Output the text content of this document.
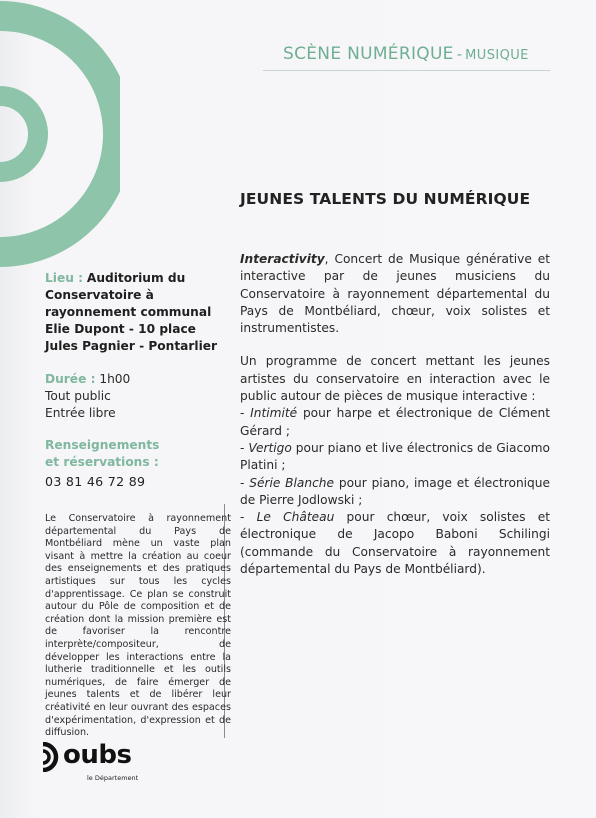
SCÈNE NUMÉRIQUE - MUSIQUE
JEUNES TALENTS DU NUMÉRIQUE

Interactivity, Concert de Musique générative et interactive par de jeunes musiciens du Conservatoire à rayonnement départemental du Pays de Montbéliard, chœur, voix solistes et instrumentistes.

Un programme de concert mettant les jeunes artistes du conservatoire en interaction avec le public autour de pièces de musique interactive :

- Intimité pour harpe et électronique de Clément Gérard ;

- Vertigo pour piano et live électronics de Giacomo Platini ;

- Série Blanche pour piano, image et électronique de Pierre Jodlowski ;

- Le Château pour chœur, voix solistes et électronique de Jacopo Baboni Schilingi (commande du Conservatoire à rayonnement départemental du Pays de Montbéliard).

Lieu : Auditorium du Conservatoire à rayonnement communal Elie Dupont - 10 place Jules Pagnier - Pontarlier
Durée : 1h00
Tout public
Entrée libre
Renseignements
et réservations :
03 81 46 72 89
Le Conservatoire à rayonnement départemental du Pays de Montbéliard mène un vaste plan visant à mettre la création au coeur des enseignements et des pratiques artistiques sur tous les cycles d'apprentissage. Ce plan se construit autour du Pôle de composition et de création dont la mission première est de favoriser la rencontre interprète/compositeur, de développer les interactions entre la lutherie traditionnelle et les outils numériques, de faire émerger de jeunes talents et de libérer leur créativité en leur ouvrant des espaces d'expérimentation, d'expression et de diffusion.
oubs
le Département
